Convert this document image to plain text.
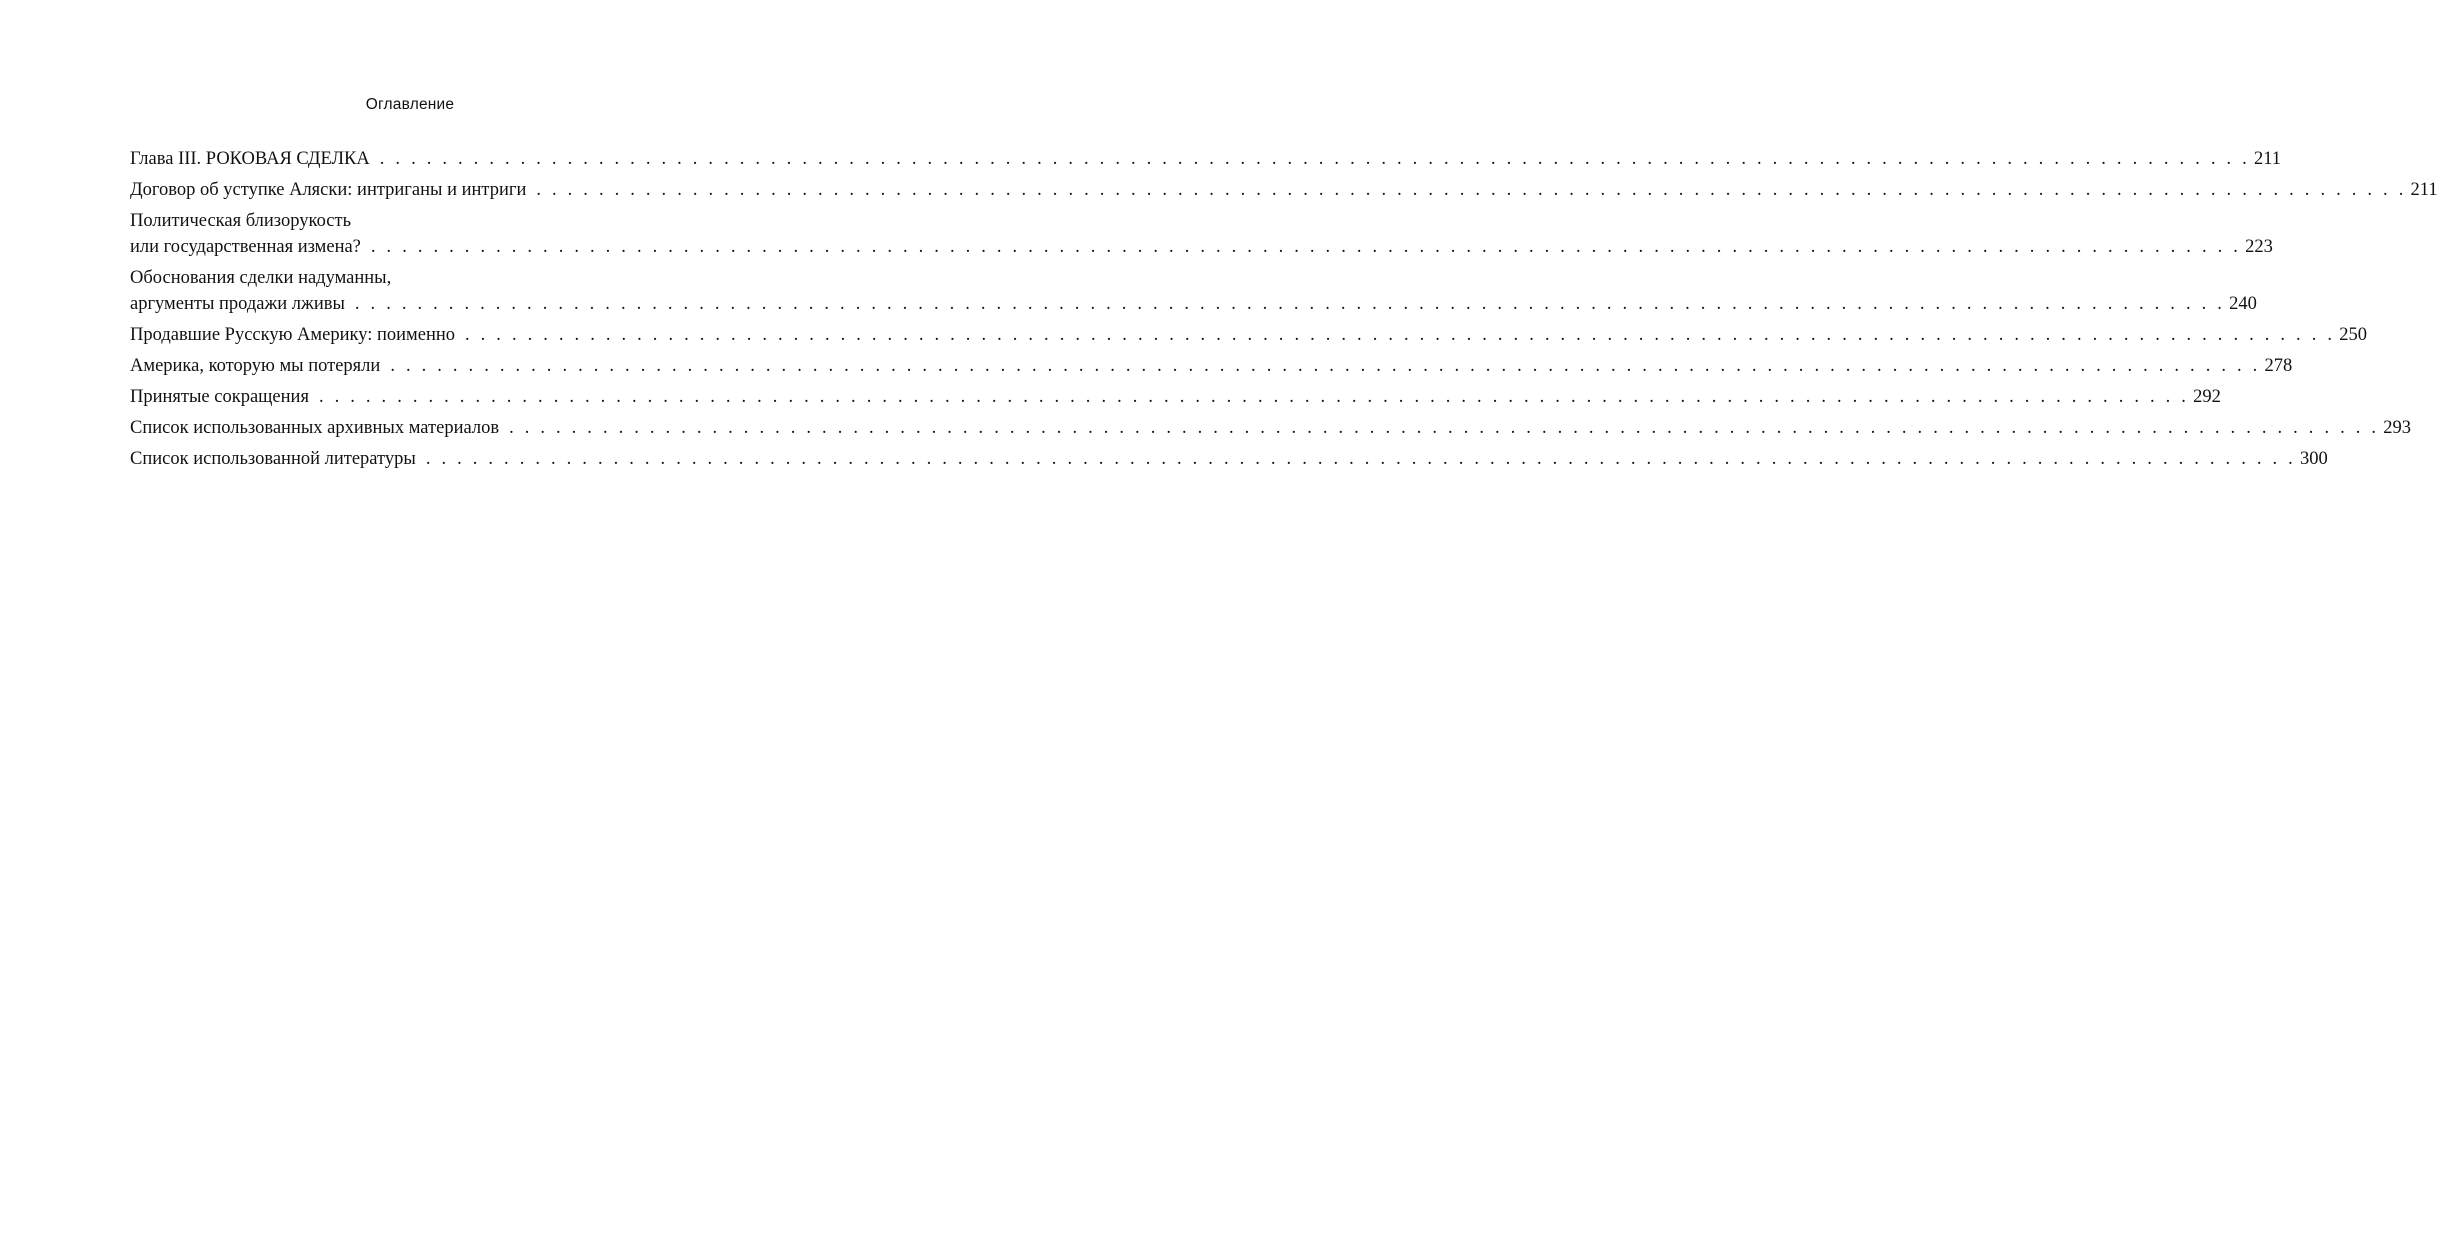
Оглавление
Глава III. РОКОВАЯ СДЕЛКА . . . . . . . . . . . . . . . . . . . . . . . . . . . . . . . . . . . . . . . . . . . . . . . . . . . . . . . . . . . . . . . . . . . . . . . . . . . . . . . . . . . . . . . . . . . . . . . . . . . . . . . . . . . . . . . . . . . . . . . . 211
Договор об уступке Аляски: интриганы и интриги . . . . . . . . . . . . . . . . . . . . . . . . . . . . . . . . . . . . . . . . . . . . . . . . . . . . . . . . . . . . . . . . . . . . . . . . . . . . . . . . . . . . . . . . . . . . . . . . . . . . . . . . . . . . . . . . . . . . . . . . 211
Политическая близорукость
или государственная измена? . . . . . . . . . . . . . . . . . . . . . . . . . . . . . . . . . . . . . . . . . . . . . . . . . . . . . . . . . . . . . . . . . . . . . . . . . . . . . . . . . . . . . . . . . . . . . . . . . . . . . . . . . . . . . . . . . . . . . . . . 223
Обоснования сделки надуманны,
аргументы продажи лживы . . . . . . . . . . . . . . . . . . . . . . . . . . . . . . . . . . . . . . . . . . . . . . . . . . . . . . . . . . . . . . . . . . . . . . . . . . . . . . . . . . . . . . . . . . . . . . . . . . . . . . . . . . . . . . . . . . . . . . . . 240
Продавшие Русскую Америку: поименно . . . . . . . . . . . . . . . . . . . . . . . . . . . . . . . . . . . . . . . . . . . . . . . . . . . . . . . . . . . . . . . . . . . . . . . . . . . . . . . . . . . . . . . . . . . . . . . . . . . . . . . . . . . . . . . . . . . . . . . . 250
Америка, которую мы потеряли . . . . . . . . . . . . . . . . . . . . . . . . . . . . . . . . . . . . . . . . . . . . . . . . . . . . . . . . . . . . . . . . . . . . . . . . . . . . . . . . . . . . . . . . . . . . . . . . . . . . . . . . . . . . . . . . . . . . . . . . 278
Принятые сокращения . . . . . . . . . . . . . . . . . . . . . . . . . . . . . . . . . . . . . . . . . . . . . . . . . . . . . . . . . . . . . . . . . . . . . . . . . . . . . . . . . . . . . . . . . . . . . . . . . . . . . . . . . . . . . . . . . . . . . . . . 292
Список использованных архивных материалов . . . . . . . . . . . . . . . . . . . . . . . . . . . . . . . . . . . . . . . . . . . . . . . . . . . . . . . . . . . . . . . . . . . . . . . . . . . . . . . . . . . . . . . . . . . . . . . . . . . . . . . . . . . . . . . . . . . . . . . . 293
Список использованной литературы . . . . . . . . . . . . . . . . . . . . . . . . . . . . . . . . . . . . . . . . . . . . . . . . . . . . . . . . . . . . . . . . . . . . . . . . . . . . . . . . . . . . . . . . . . . . . . . . . . . . . . . . . . . . . . . . . . . . . . . . 300
